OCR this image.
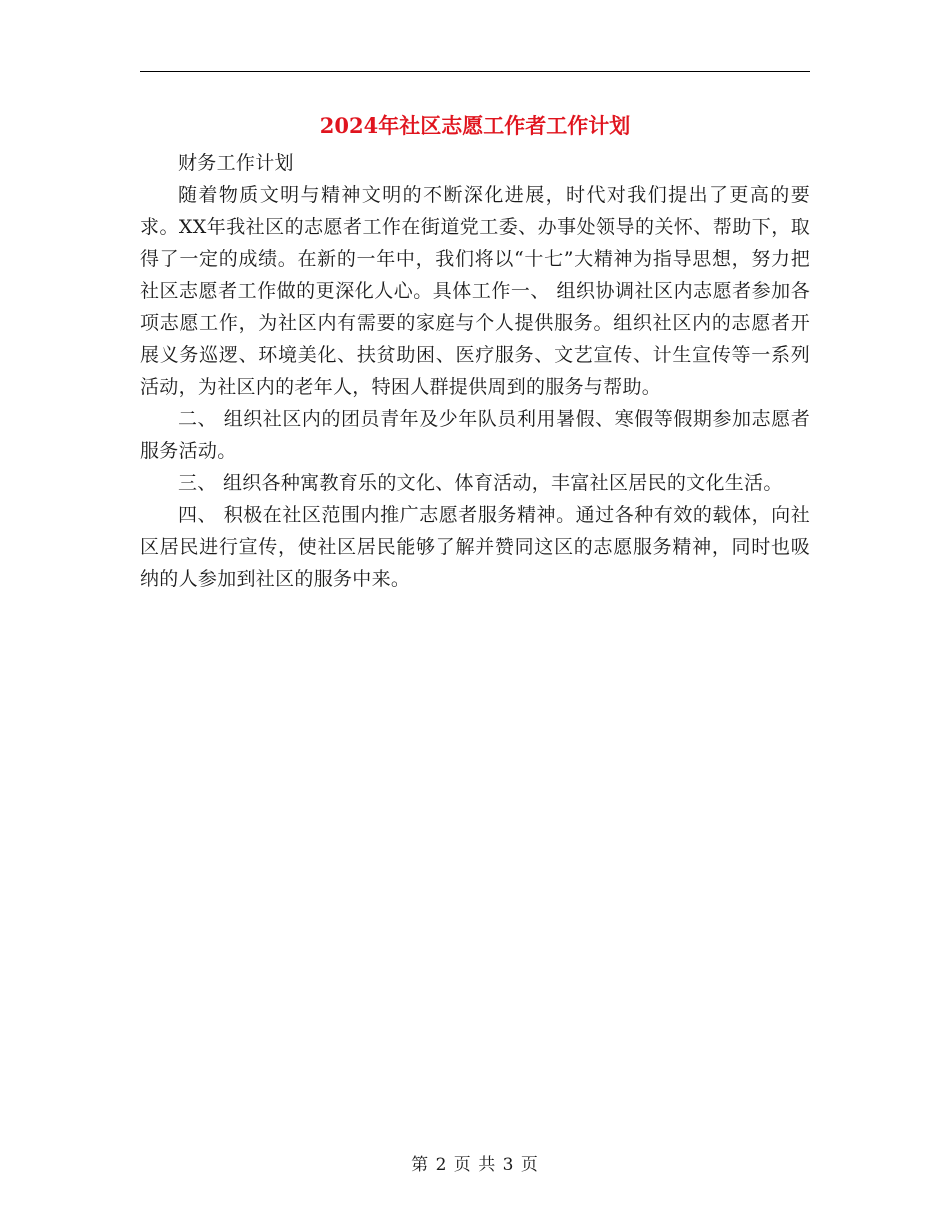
2024年社区志愿工作者工作计划

财务工作计划

随着物质文明与精神文明的不断深化进展，时代对我们提出了更高的要求。XX年我社区的志愿者工作在街道党工委、办事处领导的关怀、帮助下，取得了一定的成绩。在新的一年中，我们将以“十七”大精神为指导思想，努力把社区志愿者工作做的更深化人心。具体工作一、 组织协调社区内志愿者参加各项志愿工作，为社区内有需要的家庭与个人提供服务。组织社区内的志愿者开展义务巡逻、环境美化、扶贫助困、医疗服务、文艺宣传、计生宣传等一系列活动，为社区内的老年人，特困人群提供周到的服务与帮助。

二、 组织社区内的团员青年及少年队员利用暑假、寒假等假期参加志愿者服务活动。

三、 组织各种寓教育乐的文化、体育活动，丰富社区居民的文化生活。

四、 积极在社区范围内推广志愿者服务精神。通过各种有效的载体，向社区居民进行宣传，使社区居民能够了解并赞同这区的志愿服务精神，同时也吸纳的人参加到社区的服务中来。

第 2 页 共 3 页
